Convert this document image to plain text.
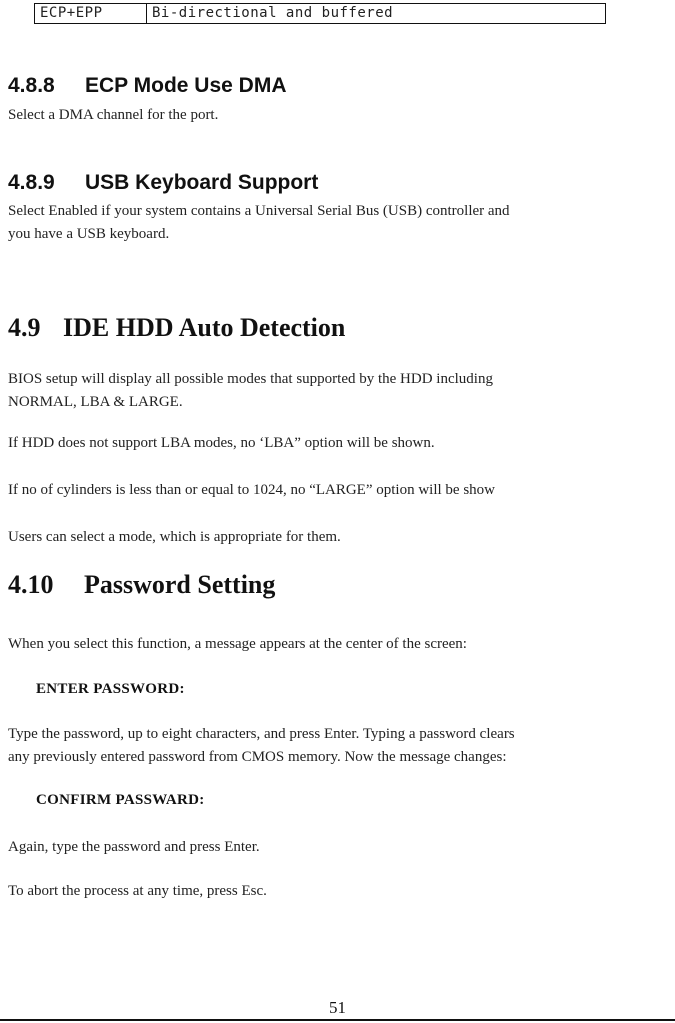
ECP+EPP	Bi-directional and buffered
4.8.8 ECP Mode Use DMA

Select a DMA channel for the port.

4.8.9 USB Keyboard Support

Select Enabled if your system contains a Universal Serial Bus (USB) controller and

you have a USB keyboard.

4.9 IDE HDD Auto Detection

BIOS setup will display all possible modes that supported by the HDD including

NORMAL, LBA & LARGE.

If HDD does not support LBA modes, no ‘LBA” option will be shown.

If no of cylinders is less than or equal to 1024, no “LARGE” option will be show

Users can select a mode, which is appropriate for them.

4.10 Password Setting

When you select this function, a message appears at the center of the screen:

ENTER PASSWORD:

Type the password, up to eight characters, and press Enter. Typing a password clears

any previously entered password from CMOS memory. Now the message changes:

CONFIRM PASSWARD:

Again, type the password and press Enter.

To abort the process at any time, press Esc.

51
